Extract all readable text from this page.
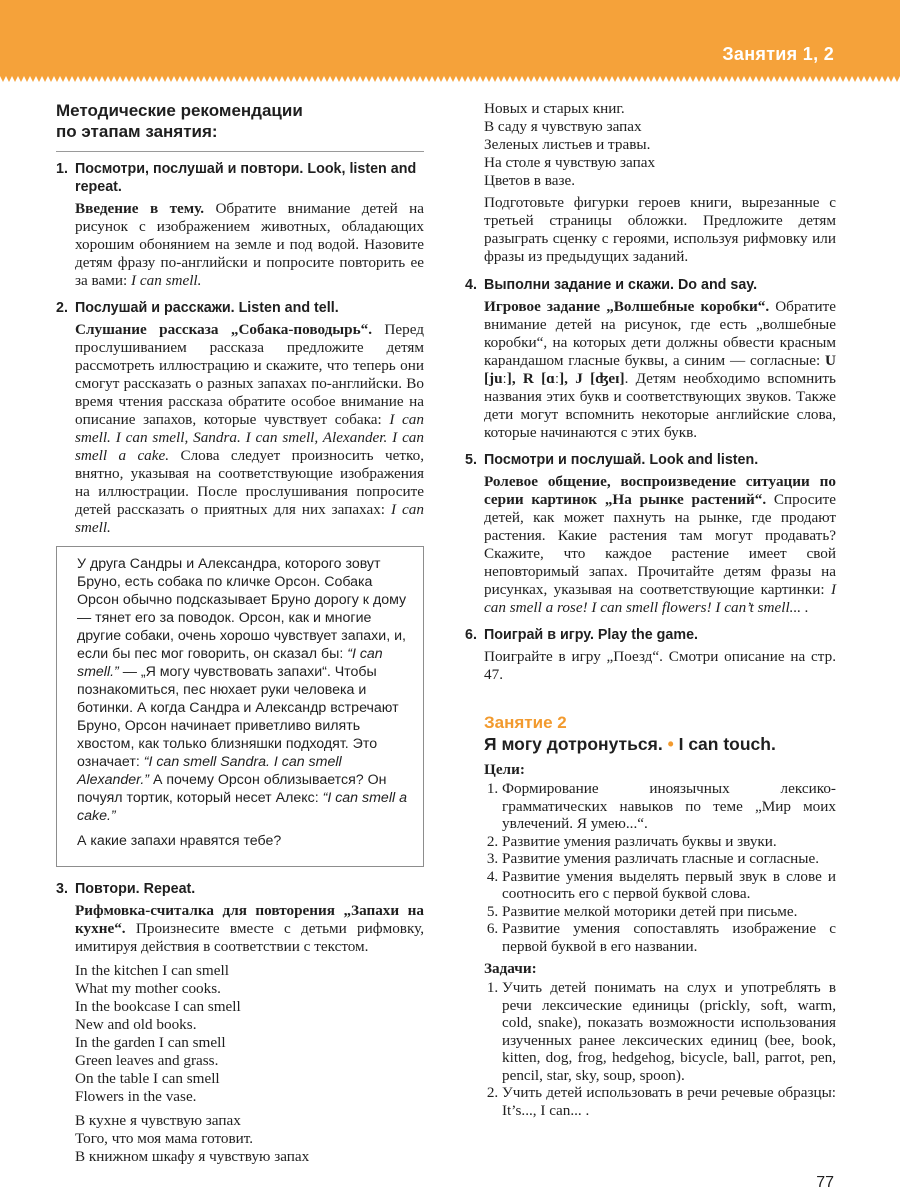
Занятия 1, 2
Методические рекомендации
по этапам занятия:
1. Посмотри, послушай и повтори. Look, listen and repeat.

Введение в тему. Обратите внимание детей на рисунок с изображением животных, обладающих хорошим обонянием на земле и под водой. Назовите детям фразу по-английски и попросите повторить ее за вами: I can smell.

2. Послушай и расскажи. Listen and tell.

Слушание рассказа „Собака-поводырь“. Перед прослушиванием рассказа предложите детям рассмотреть иллюстрацию и скажите, что теперь они смогут рассказать о разных запахах по-английски. Во время чтения рассказа обратите особое внимание на описание запахов, которые чувствует собака: I can smell. I can smell, Sandra. I can smell, Alexander. I can smell a cake. Слова следует произносить четко, внятно, указывая на соответствующие изображения на иллюстрации. После прослушивания попросите детей рассказать о приятных для них запахах: I can smell.

У друга Сандры и Александра, которого зовут Бруно, есть собака по кличке Орсон. Собака Орсон обычно подсказывает Бруно дорогу к дому — тянет его за поводок. Орсон, как и многие другие собаки, очень хорошо чувствует запахи, и, если бы пес мог говорить, он сказал бы: “I can smell.” — „Я могу чувствовать запахи“. Чтобы познакомиться, пес нюхает руки человека и ботинки. А когда Сандра и Александр встречают Бруно, Орсон начинает приветливо вилять хвостом, как только близняшки подходят. Это означает: “I can smell Sandra. I can smell Alexander.” А почему Орсон облизывается? Он почуял тортик, который несет Алекс: “I can smell a cake.”

А какие запахи нравятся тебе?

3. Повтори. Repeat.

Рифмовка-считалка для повторения „Запахи на кухне“. Произнесите вместе с детьми рифмовку, имитируя действия в соответствии с текстом.

In the kitchen I can smell
What my mother cooks.
In the bookcase I can smell
New and old books.
In the garden I can smell
Green leaves and grass.
On the table I can smell
Flowers in the vase.
В кухне я чувствую запах
Того, что моя мама готовит.
В книжном шкафу я чувствую запах
Новых и старых книг.
В саду я чувствую запах
Зеленых листьев и травы.
На столе я чувствую запах
Цветов в вазе.

Подготовьте фигурки героев книги, вырезанные с третьей страницы обложки. Предложите детям разыграть сценку с героями, используя рифмовку или фразы из предыдущих заданий.

4. Выполни задание и скажи. Do and say.

Игровое задание „Волшебные коробки“. Обратите внимание детей на рисунок, где есть „волшебные коробки“, на которых дети должны обвести красным карандашом гласные буквы, а синим — согласные: U [juː], R [ɑː], J [ʤeɪ]. Детям необходимо вспомнить названия этих букв и соответствующих звуков. Также дети могут вспомнить некоторые английские слова, которые начинаются с этих букв.

5. Посмотри и послушай. Look and listen.

Ролевое общение, воспроизведение ситуации по серии картинок „На рынке растений“. Спросите детей, как может пахнуть на рынке, где продают растения. Какие растения там могут продавать? Скажите, что каждое растение имеет свой неповторимый запах. Прочитайте детям фразы на рисунках, указывая на соответствующие картинки: I can smell a rose! I can smell flowers! I can’t smell... .

6. Поиграй в игру. Play the game.

Поиграйте в игру „Поезд“. Смотри описание на стр. 47.

Занятие 2
Я могу дотронуться. • I can touch.
Цели:
1. Формирование иноязычных лексико-грамматических навыков по теме „Мир моих увлечений. Я умею...“.
2. Развитие умения различать буквы и звуки.
3. Развитие умения различать гласные и согласные.
4. Развитие умения выделять первый звук в слове и соотносить его с первой буквой слова.
5. Развитие мелкой моторики детей при письме.
6. Развитие умения сопоставлять изображение с первой буквой в его названии.
Задачи:
1. Учить детей понимать на слух и употреблять в речи лексические единицы (prickly, soft, warm, cold, snake), показать возможности использования изученных ранее лексических единиц (bee, book, kitten, dog, frog, hedgehog, bicycle, ball, parrot, pen, pencil, star, sky, soup, spoon).
2. Учить детей использовать в речи речевые образцы: It’s..., I can... .
77
